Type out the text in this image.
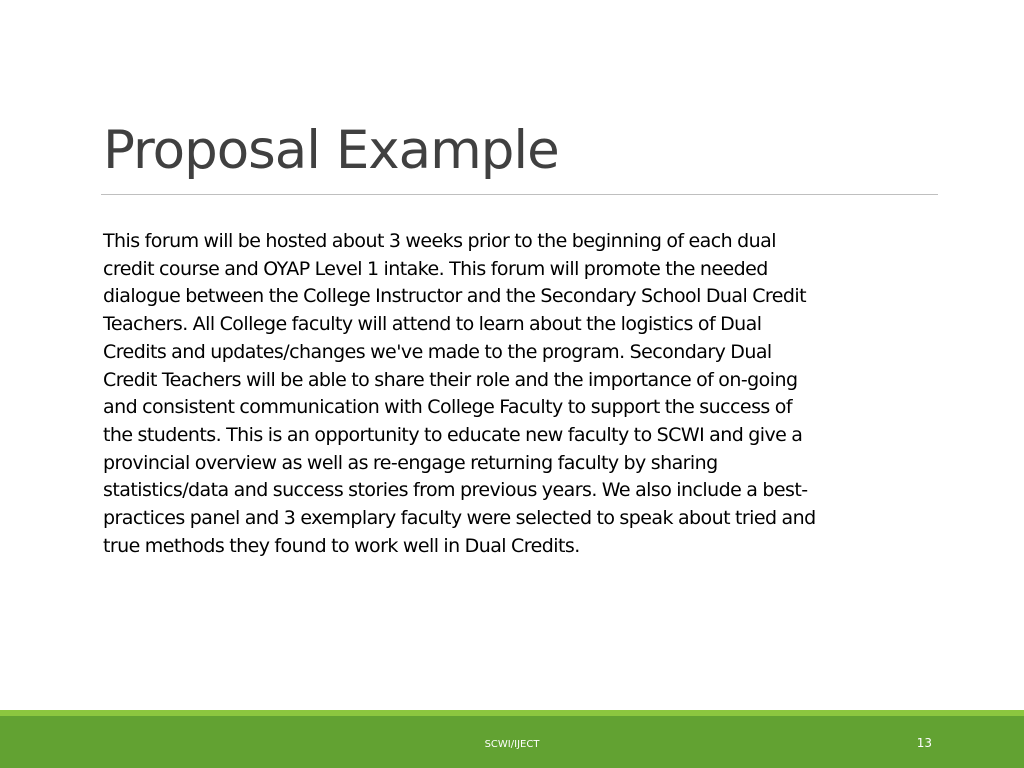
Proposal Example

This forum will be hosted about 3 weeks prior to the beginning of each dual
credit course and OYAP Level 1 intake. This forum will promote the needed
dialogue between the College Instructor and the Secondary School Dual Credit
Teachers. All College faculty will attend to learn about the logistics of Dual
Credits and updates/changes we've made to the program. Secondary Dual
Credit Teachers will be able to share their role and the importance of on-going
and consistent communication with College Faculty to support the success of
the students. This is an opportunity to educate new faculty to SCWI and give a
provincial overview as well as re-engage returning faculty by sharing
statistics/data and success stories from previous years. We also include a best-
practices panel and 3 exemplary faculty were selected to speak about tried and
true methods they found to work well in Dual Credits.

SCWI/IJECT	13
